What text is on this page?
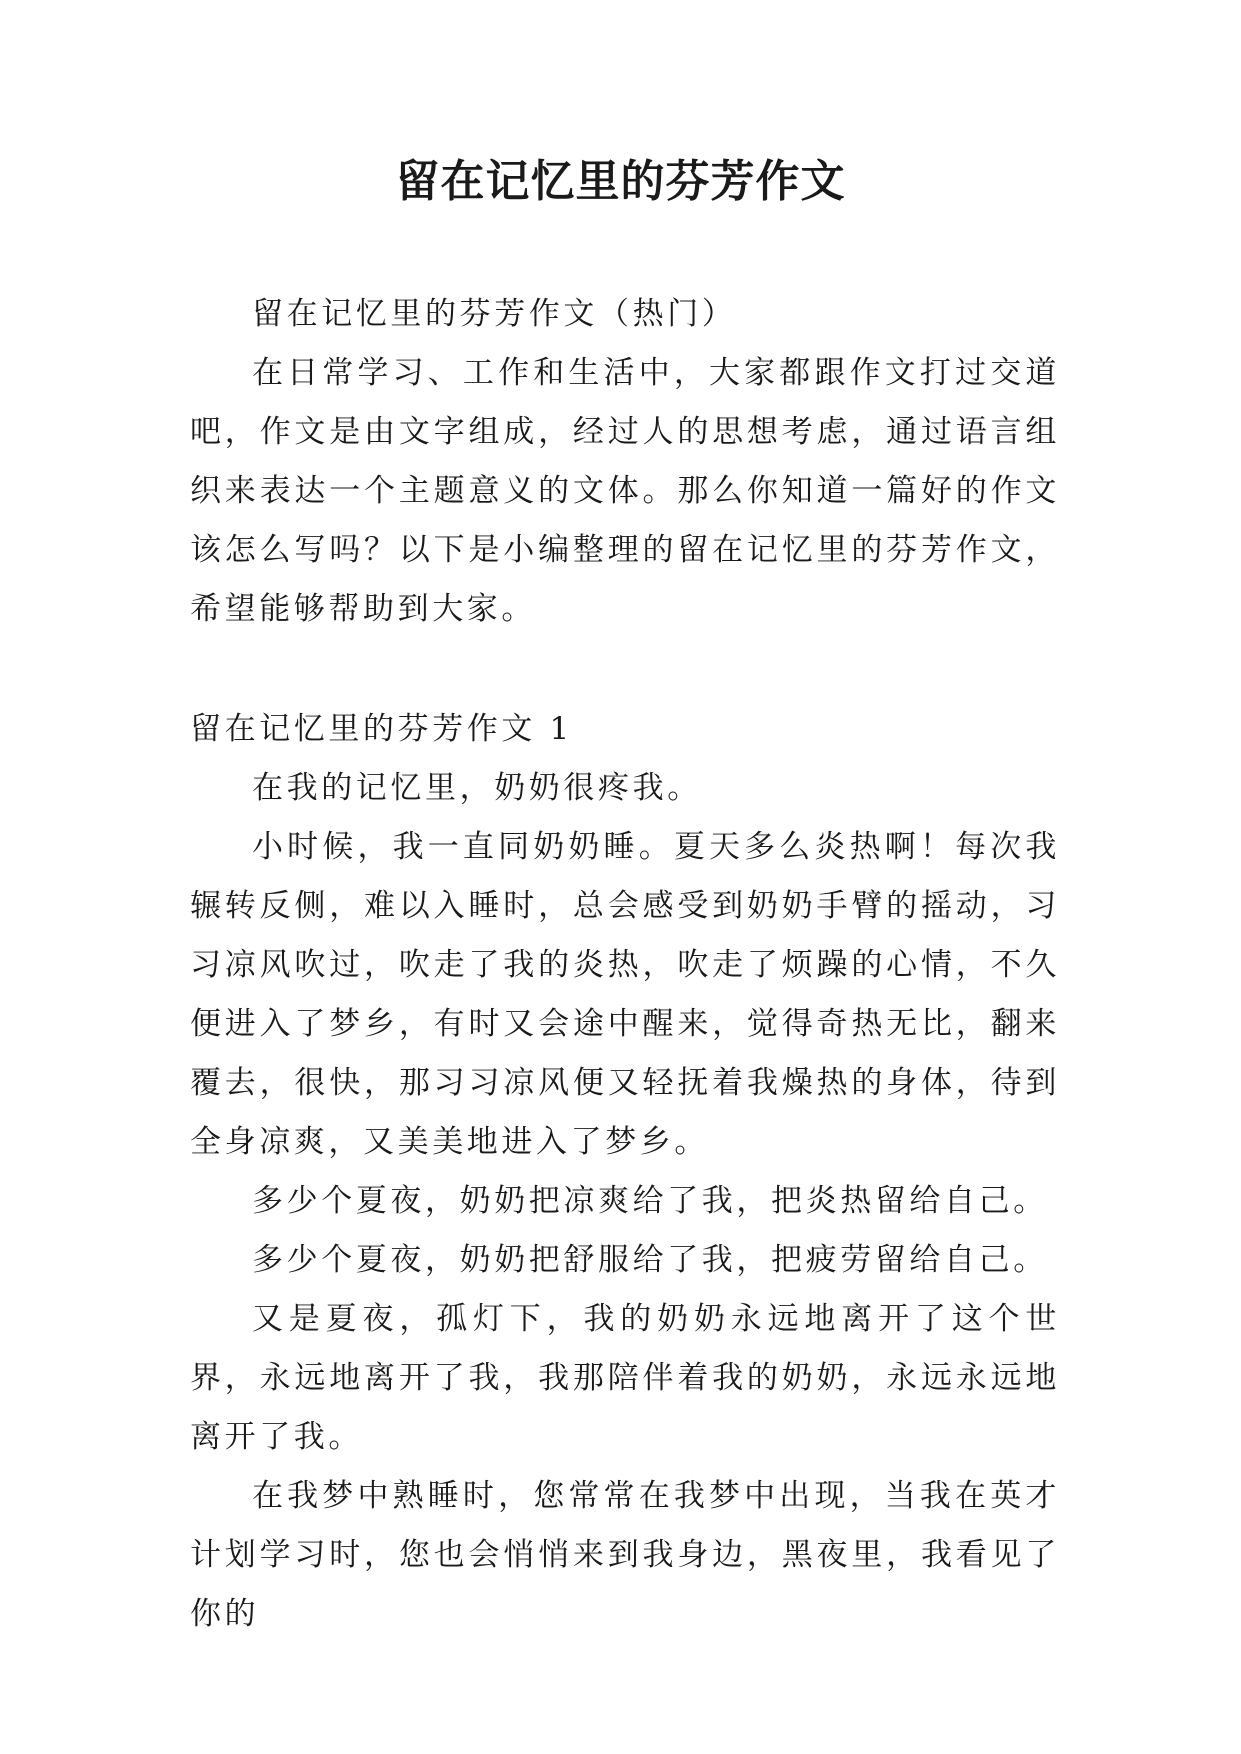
留在记忆里的芬芳作文

留在记忆里的芬芳作文（热门）

在日常学习、工作和生活中，大家都跟作文打过交道吧，作文是由文字组成，经过人的思想考虑，通过语言组织来表达一个主题意义的文体。那么你知道一篇好的作文该怎么写吗？以下是小编整理的留在记忆里的芬芳作文，希望能够帮助到大家。

留在记忆里的芬芳作文 1

在我的记忆里，奶奶很疼我。

小时候，我一直同奶奶睡。夏天多么炎热啊！每次我辗转反侧，难以入睡时，总会感受到奶奶手臂的摇动，习习凉风吹过，吹走了我的炎热，吹走了烦躁的心情，不久便进入了梦乡，有时又会途中醒来，觉得奇热无比，翻来覆去，很快，那习习凉风便又轻抚着我燥热的身体，待到全身凉爽，又美美地进入了梦乡。

多少个夏夜，奶奶把凉爽给了我，把炎热留给自己。

多少个夏夜，奶奶把舒服给了我，把疲劳留给自己。

又是夏夜，孤灯下，我的奶奶永远地离开了这个世界，永远地离开了我，我那陪伴着我的奶奶，永远永远地离开了我。

在我梦中熟睡时，您常常在我梦中出现，当我在英才计划学习时，您也会悄悄来到我身边，黑夜里，我看见了你的
